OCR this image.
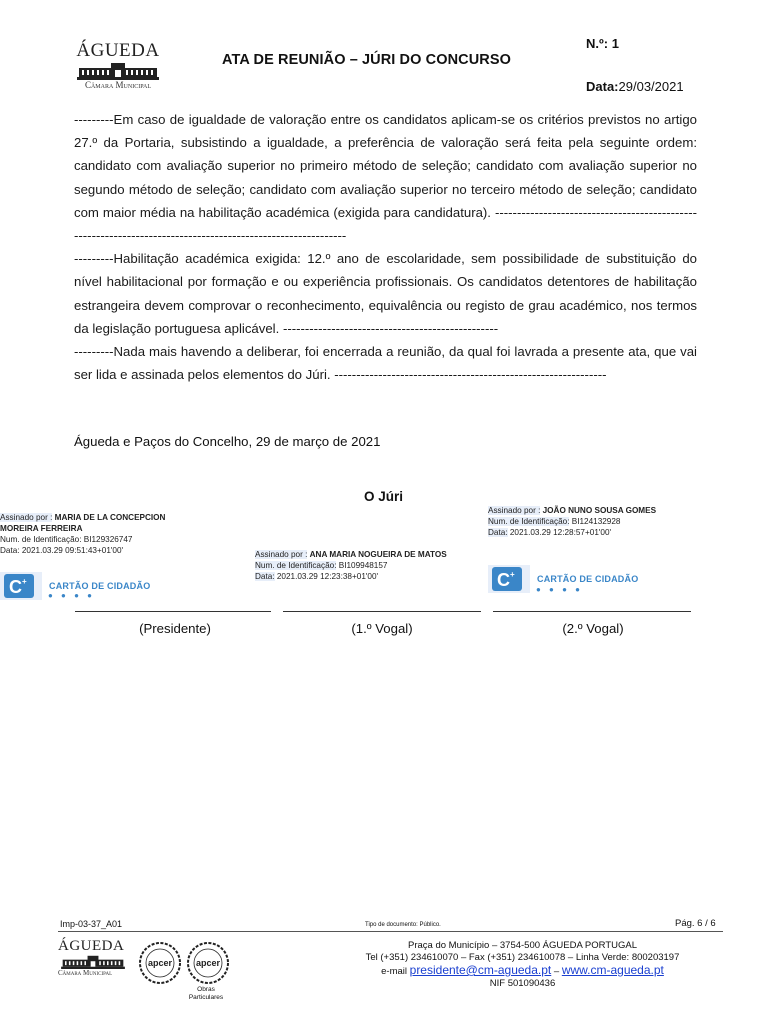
ÁGUEDA
Câmara Municipal
ATA DE REUNIÃO – JÚRI DO CONCURSO
N.º: 1
Data:29/03/2021

---------Em caso de igualdade de valoração entre os candidatos aplicam-se os critérios previstos no artigo 27.º da Portaria, subsistindo a igualdade, a preferência de valoração será feita pela seguinte ordem: candidato com avaliação superior no primeiro método de seleção; candidato com avaliação superior no segundo método de seleção; candidato com avaliação superior no terceiro método de seleção; candidato com maior média na habilitação académica (exigida para candidatura). ------------------------------------------------------------------------------------------------------------

---------Habilitação académica exigida: 12.º ano de escolaridade, sem possibilidade de substituição do nível habilitacional por formação e ou experiência profissionais. Os candidatos detentores de habilitação estrangeira devem comprovar o reconhecimento, equivalência ou registo de grau académico, nos termos da legislação portuguesa aplicável. -------------------------------------------------

---------Nada mais havendo a deliberar, foi encerrada a reunião, da qual foi lavrada a presente ata, que vai ser lida e assinada pelos elementos do Júri. --------------------------------------------------------------

Águeda e Paços do Concelho, 29 de março de 2021
O Júri
Assinado por : MARIA DE LA CONCEPCION
MOREIRA FERREIRA
Num. de Identificação: BI129326747
Data: 2021.03.29 09:51:43+01'00'
C + CARTÃO DE CIDADÃO
● ● ● ●
Assinado por : ANA MARIA NOGUEIRA DE MATOS
Num. de Identificação: BI109948157
Data: 2021.03.29 12:23:38+01'00'
Assinado por : JOÃO NUNO SOUSA GOMES
Num. de Identificação: BI124132928
Data: 2021.03.29 12:28:57+01'00'
C + CARTÃO DE CIDADÃO
● ● ● ●
(Presidente)	(1.º Vogal)	(2.º Vogal)
Imp-03-37_A01	Tipo de documento: Público.	Pág. 6 / 6
ÁGUEDA
Câmara Municipal
apcer	apcer
Obras Particulares
Praça do Município – 3754-500 ÁGUEDA PORTUGAL
Tel (+351) 234610070 – Fax (+351) 234610078 – Linha Verde: 800203197
e-mail presidente@cm-agueda.pt – www.cm-agueda.pt
NIF 501090436
